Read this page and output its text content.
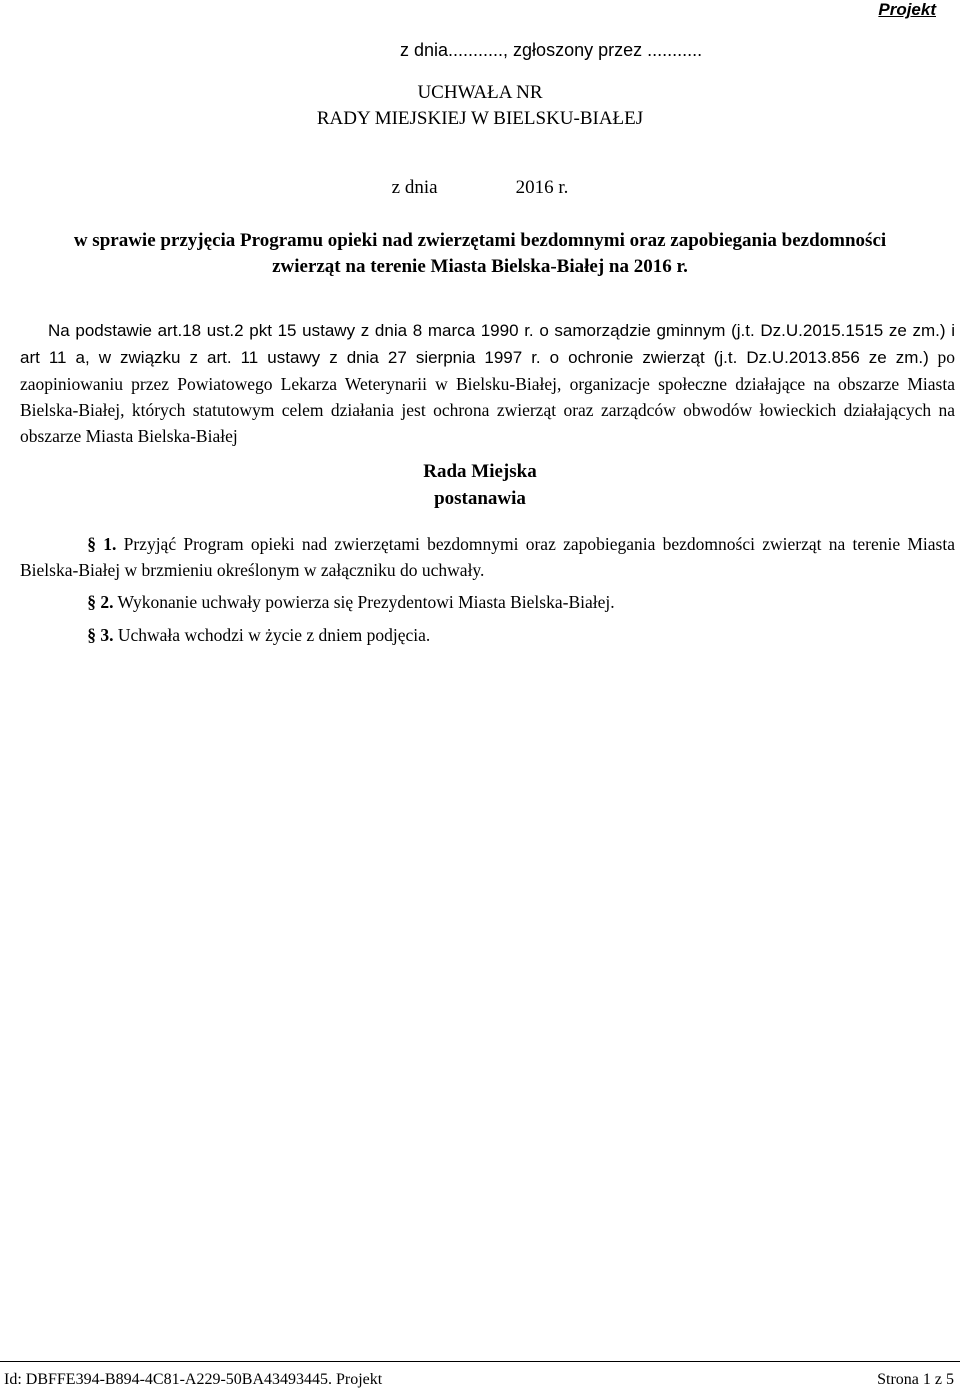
Projekt
z dnia..........., zgłoszony przez ...........
UCHWAŁA NR
RADY MIEJSKIEJ W BIELSKU-BIAŁEJ
z dnia	2016 r.
w sprawie przyjęcia Programu opieki nad zwierzętami bezdomnymi oraz zapobiegania bezdomności
zwierząt na terenie Miasta Bielska-Białej na 2016 r.
Na podstawie art.18 ust.2 pkt 15 ustawy z dnia 8 marca 1990 r. o samorządzie gminnym (j.t. Dz.U.2015.1515 ze zm.) i art 11 a, w związku z art. 11 ustawy z dnia 27 sierpnia 1997 r. o ochronie zwierząt (j.t. Dz.U.2013.856 ze zm.) po zaopiniowaniu przez Powiatowego Lekarza Weterynarii w Bielsku-Białej, organizacje społeczne działające na obszarze Miasta Bielska-Białej, których statutowym celem działania jest ochrona zwierząt oraz zarządców obwodów łowieckich działających na obszarze Miasta Bielska-Białej
Rada Miejska
postanawia
§ 1. Przyjąć Program opieki nad zwierzętami bezdomnymi oraz zapobiegania bezdomności zwierząt na terenie Miasta Bielska-Białej w brzmieniu określonym w załączniku do uchwały.
§ 2. Wykonanie uchwały powierza się Prezydentowi Miasta Bielska-Białej.
§ 3. Uchwała wchodzi w życie z dniem podjęcia.
Id: DBFFE394-B894-4C81-A229-50BA43493445. Projekt	Strona 1 z 5
